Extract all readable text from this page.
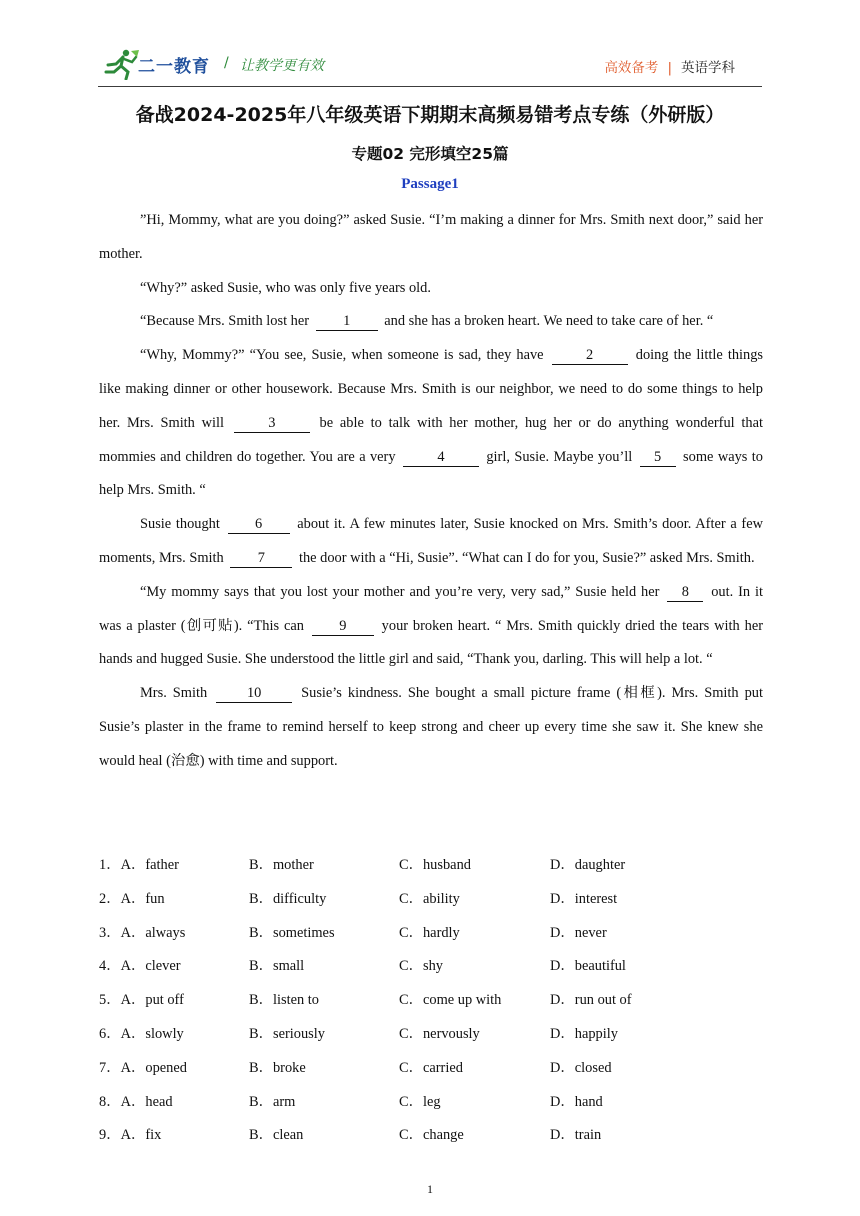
二一教育 / 让教学更有效	高效备考 | 英语学科
备战2024-2025年八年级英语下期期末高频易错考点专练（外研版）
专题02 完形填空25篇
Passage1

”Hi, Mommy, what are you doing?” asked Susie. “I’m making a dinner for Mrs. Smith next door,” said her mother.

“Why?” asked Susie, who was only five years old.

“Because Mrs. Smith lost her 1 and she has a broken heart. We need to take care of her. “

“Why, Mommy?” “You see, Susie, when someone is sad, they have	2	doing the little things like making dinner or other housework. Because Mrs. Smith is our neighbor, we need to do some things to help her. Mrs. Smith will	3	be able to talk with her mother, hug her or do anything wonderful that mommies and children do together. You are a very	4	girl, Susie. Maybe you’ll 5 some ways to help Mrs. Smith. “

Susie thought 6 about it. A few minutes later, Susie knocked on Mrs. Smith’s door. After a few moments, Mrs. Smith 7 the door with a “Hi, Susie”. “What can I do for you, Susie?” asked Mrs. Smith.

“My mommy says that you lost your mother and you’re very, very sad,” Susie held her 8 out. In it was a plaster (创可贴). “This can 9 your broken heart. “ Mrs. Smith quickly dried the tears with her hands and hugged Susie. She understood the little girl and said, “Thank you, darling. This will help a lot. “

Mrs. Smith 10 Susie’s kindness. She bought a small picture frame (相框). Mrs. Smith put Susie’s plaster in the frame to remind herself to keep strong and cheer up every time she saw it. She knew she would heal (治愈) with time and support.

1．A．father	B．mother	C．husband	D．daughter
2．A．fun	B．difficulty	C．ability	D．interest
3．A．always	B．sometimes	C．hardly	D．never
4．A．clever	B．small	C．shy	D．beautiful
5．A．put off	B．listen to	C．come up with	D．run out of
6．A．slowly	B．seriously	C．nervously	D．happily
7．A．opened	B．broke	C．carried	D．closed
8．A．head	B．arm	C．leg	D．hand
9．A．fix	B．clean	C．change	D．train
1
